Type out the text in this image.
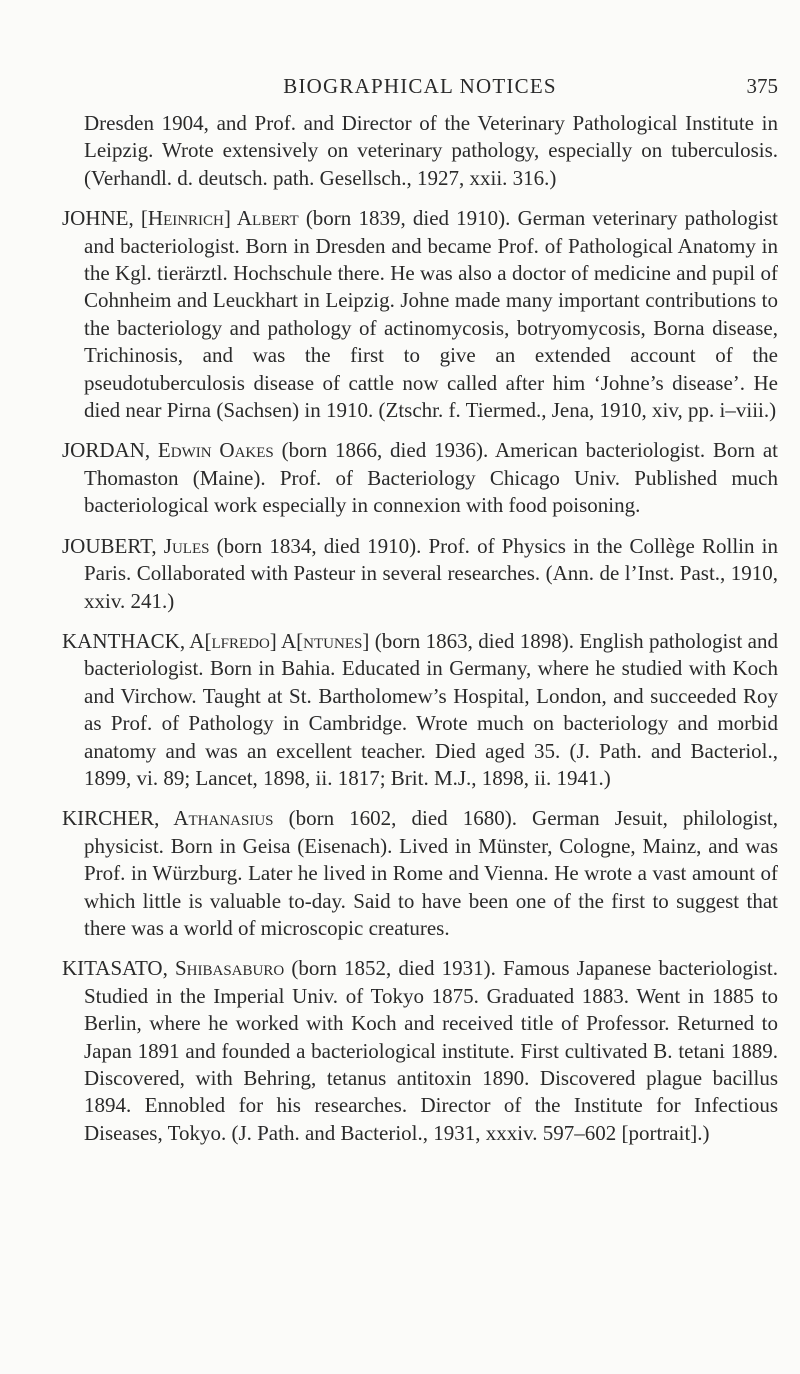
BIOGRAPHICAL NOTICES	375

Dresden 1904, and Prof. and Director of the Veterinary Pathological Institute in Leipzig. Wrote extensively on veterinary pathology, especially on tuberculosis. (Verhandl. d. deutsch. path. Gesellsch., 1927, xxii. 316.)

JOHNE, [Heinrich] Albert (born 1839, died 1910). German veterinary pathologist and bacteriologist. Born in Dresden and became Prof. of Pathological Anatomy in the Kgl. tierärztl. Hochschule there. He was also a doctor of medicine and pupil of Cohnheim and Leuckhart in Leipzig. Johne made many important contributions to the bacteriology and pathology of actinomycosis, botryomycosis, Borna disease, Trichinosis, and was the first to give an extended account of the pseudotuberculosis disease of cattle now called after him ‘Johne’s disease’. He died near Pirna (Sachsen) in 1910. (Ztschr. f. Tiermed., Jena, 1910, xiv, pp. i–viii.)

JORDAN, Edwin Oakes (born 1866, died 1936). American bacteriologist. Born at Thomaston (Maine). Prof. of Bacteriology Chicago Univ. Published much bacteriological work especially in connexion with food poisoning.

JOUBERT, Jules (born 1834, died 1910). Prof. of Physics in the Collège Rollin in Paris. Collaborated with Pasteur in several researches. (Ann. de l’Inst. Past., 1910, xxiv. 241.)

KANTHACK, A[lfredo] A[ntunes] (born 1863, died 1898). English pathologist and bacteriologist. Born in Bahia. Educated in Germany, where he studied with Koch and Virchow. Taught at St. Bartholomew’s Hospital, London, and succeeded Roy as Prof. of Pathology in Cambridge. Wrote much on bacteriology and morbid anatomy and was an excellent teacher. Died aged 35. (J. Path. and Bacteriol., 1899, vi. 89; Lancet, 1898, ii. 1817; Brit. M.J., 1898, ii. 1941.)

KIRCHER, Athanasius (born 1602, died 1680). German Jesuit, philologist, physicist. Born in Geisa (Eisenach). Lived in Münster, Cologne, Mainz, and was Prof. in Würzburg. Later he lived in Rome and Vienna. He wrote a vast amount of which little is valuable to-day. Said to have been one of the first to suggest that there was a world of microscopic creatures.

KITASATO, Shibasaburo (born 1852, died 1931). Famous Japanese bacteriologist. Studied in the Imperial Univ. of Tokyo 1875. Graduated 1883. Went in 1885 to Berlin, where he worked with Koch and received title of Professor. Returned to Japan 1891 and founded a bacteriological institute. First cultivated B. tetani 1889. Discovered, with Behring, tetanus antitoxin 1890. Discovered plague bacillus 1894. Ennobled for his researches. Director of the Institute for Infectious Diseases, Tokyo. (J. Path. and Bacteriol., 1931, xxxiv. 597–602 [portrait].)
